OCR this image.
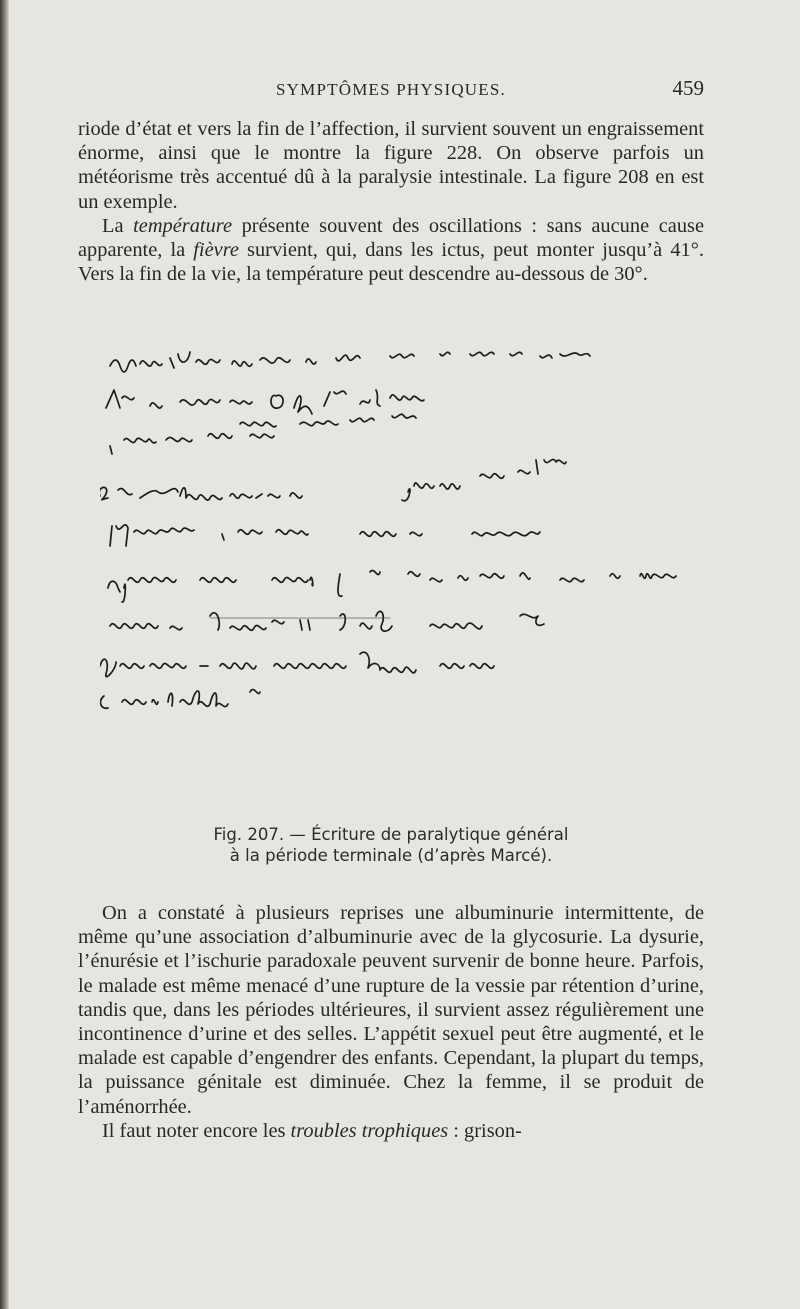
SYMPTÔMES PHYSIQUES.	459

riode d’état et vers la fin de l’affection, il survient souvent un engraissement énorme, ainsi que le montre la figure 228. On observe parfois un météorisme très accentué dû à la paralysie intestinale. La figure 208 en est un exemple.

La température présente souvent des oscillations : sans aucune cause apparente, la fièvre survient, qui, dans les ictus, peut monter jusqu’à 41°. Vers la fin de la vie, la température peut descendre au-dessous de 30°.

Fig. 207. — Écriture de paralytique général
à la période terminale (d’après Marcé).

On a constaté à plusieurs reprises une albuminurie intermittente, de même qu’une association d’albuminurie avec de la glycosurie. La dysurie, l’énurésie et l’ischurie paradoxale peuvent survenir de bonne heure. Parfois, le malade est même menacé d’une rupture de la vessie par rétention d’urine, tandis que, dans les périodes ultérieures, il survient assez régulièrement une incontinence d’urine et des selles. L’appétit sexuel peut être augmenté, et le malade est capable d’engendrer des enfants. Cependant, la plupart du temps, la puissance génitale est diminuée. Chez la femme, il se produit de l’aménorrhée.

Il faut noter encore les troubles trophiques : grison-
